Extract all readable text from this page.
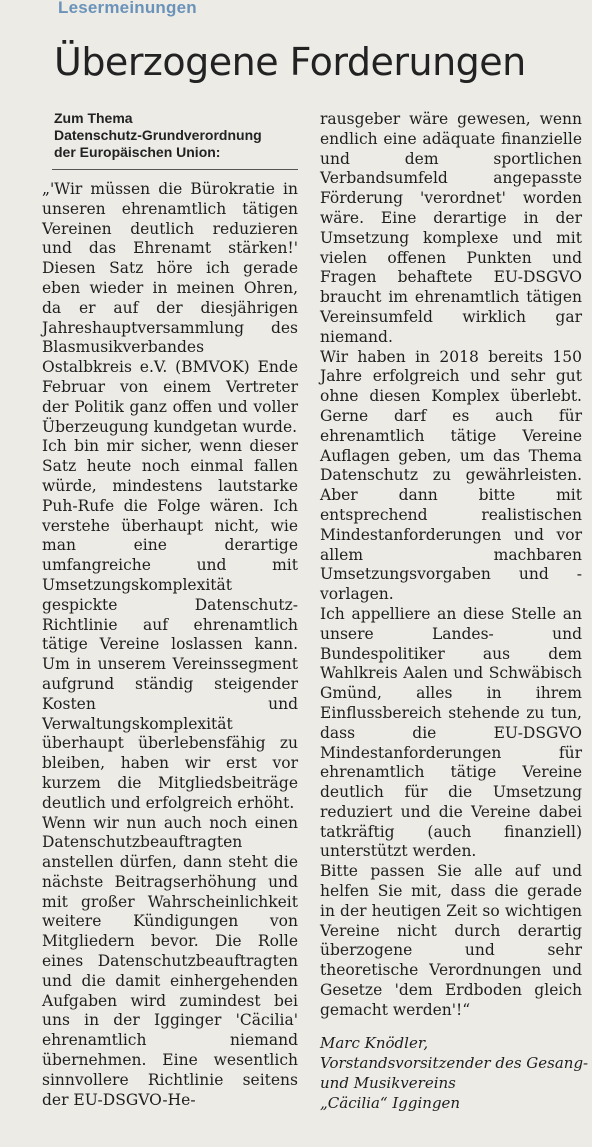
Lesermeinungen
Überzogene Forderungen
Zum Thema
Datenschutz-Grundverordnung
der Europäischen Union:

„'Wir müssen die Bürokratie in unseren ehrenamtlich tätigen Vereinen deutlich reduzieren und das Ehrenamt stärken!' Diesen Satz höre ich gerade eben wieder in meinen Ohren, da er auf der diesjährigen Jahreshauptversammlung des Blasmusikverbandes Ostalbkreis e.V. (BMVOK) Ende Februar von einem Vertreter der Politik ganz offen und voller Überzeugung kundgetan wurde.

Ich bin mir sicher, wenn dieser Satz heute noch einmal fallen würde, mindestens lautstarke Puh-Rufe die Folge wären. Ich verstehe überhaupt nicht, wie man eine derartige umfangreiche und mit Umsetzungskomplexität gespickte Datenschutz-Richtlinie auf ehrenamtlich tätige Vereine loslassen kann. Um in unserem Vereinssegment aufgrund ständig steigender Kosten und Verwaltungskomplexität überhaupt überlebensfähig zu bleiben, haben wir erst vor kurzem die Mitgliedsbeiträge deutlich und erfolgreich erhöht.

Wenn wir nun auch noch einen Datenschutzbeauftragten anstellen dürfen, dann steht die nächste Beitragserhöhung und mit großer Wahrscheinlichkeit weitere Kündigungen von Mitgliedern bevor. Die Rolle eines Datenschutzbeauftragten und die damit einhergehenden Aufgaben wird zumindest bei uns in der Igginger 'Cäcilia' ehrenamtlich niemand übernehmen. Eine wesentlich sinnvollere Richtlinie seitens der EU-DSGVO-He-

rausgeber wäre gewesen, wenn endlich eine adäquate finanzielle und dem sportlichen Verbandsumfeld angepasste Förderung 'verordnet' worden wäre. Eine derartige in der Umsetzung komplexe und mit vielen offenen Punkten und Fragen behaftete EU-DSGVO braucht im ehrenamtlich tätigen Vereinsumfeld wirklich gar niemand.

Wir haben in 2018 bereits 150 Jahre erfolgreich und sehr gut ohne diesen Komplex überlebt. Gerne darf es auch für ehrenamtlich tätige Vereine Auflagen geben, um das Thema Datenschutz zu gewährleisten. Aber dann bitte mit entsprechend realistischen Mindestanforderungen und vor allem machbaren Umsetzungsvorgaben und -vorlagen.

Ich appelliere an diese Stelle an unsere Landes- und Bundespolitiker aus dem Wahlkreis Aalen und Schwäbisch Gmünd, alles in ihrem Einflussbereich stehende zu tun, dass die EU-DSGVO Mindestanforderungen für ehrenamtlich tätige Vereine deutlich für die Umsetzung reduziert und die Vereine dabei tatkräftig (auch finanziell) unterstützt werden.

Bitte passen Sie alle auf und helfen Sie mit, dass die gerade in der heutigen Zeit so wichtigen Vereine nicht durch derartig überzogene und sehr theoretische Verordnungen und Gesetze 'dem Erdboden gleich gemacht werden'!“

Marc Knödler,
Vorstandsvorsitzender des Gesang-
und Musikvereins
„Cäcilia“ Iggingen
